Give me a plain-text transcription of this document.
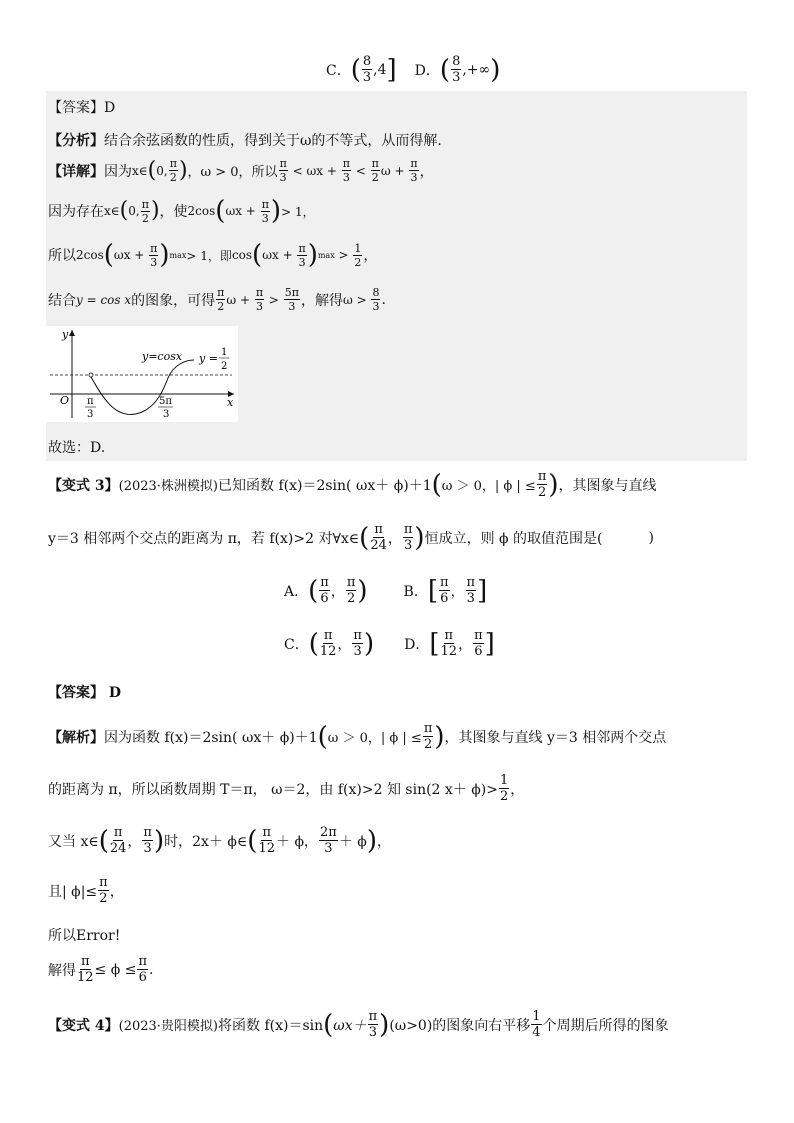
C． ( $\frac{8}{3} ,4$ ] D． ( $\frac{8}{3}$ ,+∞ )
【答案】D
【分析】结合余弦函数的性质，得到关于ω的不等式，从而得解.
【详解】 因为 x∈ ( 0, $\frac{\pi}{2}$ ) ，ω > 0，所以 $\frac{\pi}{3} < \omega x + \frac{\pi}{3} < \frac{\pi}{2}$ $\omega + \frac{\pi}{3}$ ，
因为存在 x∈ ( 0, $\frac{\pi}{2}$ ) ，使 2cos ( $\omega x + \frac{\pi}{3}$ ) > 1，
所以 2cos ( $\omega x + \frac{\pi}{3}$ ) max > 1，即 cos ( $\omega x + \frac{\pi}{3}$ ) $\max > \frac{1}{2}$ ，
结合 y = cos x 的图象，可得 $\frac{\pi}{2}$ $\omega + \frac{\pi}{3} > \frac{5\pi}{3}$ ，解得 $\omega > \frac{8}{3}$ .
y
x
O
y=cosx y = 1
2
π
3
5π
3
故选：D.
【变式 3】 (2023·株洲模拟) 已知函数 f(x)＝2sin( ωx＋ ϕ)＋1 ( ω ＞ 0，| ϕ | ≤ $\frac{\pi}{2}$ ) ，其图象与直线
y＝3 相邻两个交点的距离为 π，若 f(x)>2 对∀x∈ ( $\frac{\pi}{24}$ ， $\frac{\pi}{3}$ ) 恒成立，则 ϕ 的取值范围是(	)
A． ( $\frac{\pi}{6}$ ， $\frac{\pi}{2}$ )	B． [ $\frac{\pi}{6}$ ， $\frac{\pi}{3}$ ]
C． ( $\frac{\pi}{12}$ ， $\frac{\pi}{3}$ ) D． [ $\frac{\pi}{12}$ ， $\frac{\pi}{6}$ ]
【答案】 D
【解析】 因为函数 f(x)＝2sin( ωx＋ ϕ)＋1 ( ω ＞ 0，| ϕ | ≤ $\frac{\pi}{2}$ ) ，其图象与直线 y＝3 相邻两个交点
的距离为 π，所以函数周期 T＝π， ω＝2，由 f(x)>2 知 sin(2 $x+ \phi)> \frac{1}{2}$ ，
又当 x∈ ( $\frac{\pi}{24}$ ， $\frac{\pi}{3}$ ) 时，2x＋ ϕ∈ ( $\frac{\pi}{12} + \phi$， $\frac{2\pi}{3} + \phi$ ) ，
且| $\phi|\le \frac{\pi}{2}$ ，
所以Error!
解得 $\frac{\pi}{12} \le \phi \le \frac{\pi}{6}$ .
【变式 4】 (2023·贵阳模拟) 将函数 f(x)＝sin ( $\omega x+ \frac{\pi}{3}$ ) (ω>0)的图象向右平移 $\frac{1}{4}$ 个周期后所得的图象
